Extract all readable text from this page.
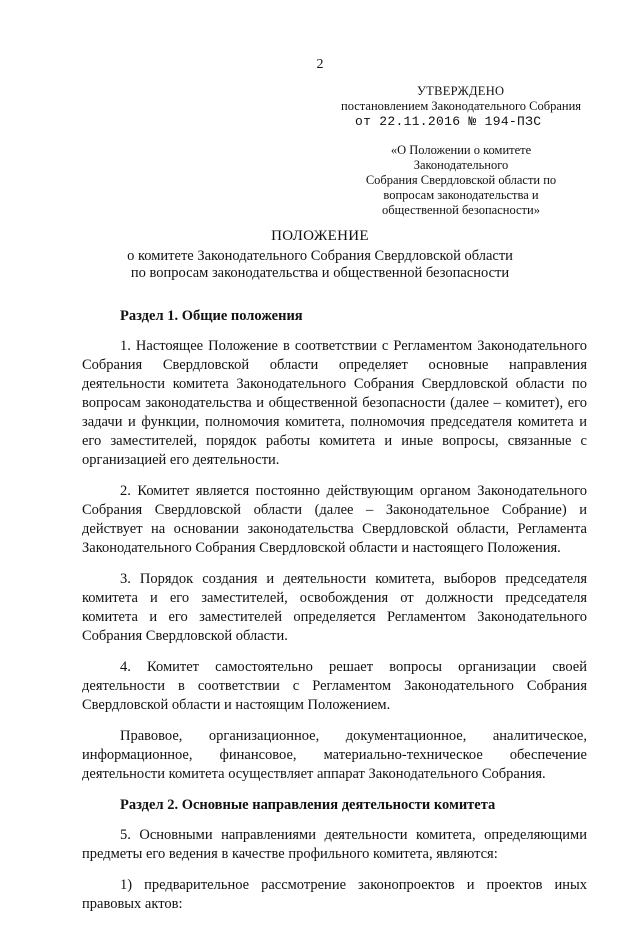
2
УТВЕРЖДЕНО
постановлением Законодательного Собрания
от 22.11.2016 № 194-ПЗС
«О Положении о комитете Законодательного
Собрания Свердловской области по
вопросам законодательства и
общественной безопасности»
ПОЛОЖЕНИЕ
о комитете Законодательного Собрания Свердловской области
по вопросам законодательства и общественной безопасности
Раздел 1. Общие положения

1. Настоящее Положение в соответствии с Регламентом Законодательного Собрания Свердловской области определяет основные направления деятельности комитета Законодательного Собрания Свердловской области по вопросам законодательства и общественной безопасности (далее – комитет), его задачи и функции, полномочия комитета, полномочия председателя комитета и его заместителей, порядок работы комитета и иные вопросы, связанные с организацией его деятельности.

2. Комитет является постоянно действующим органом Законодательного Собрания Свердловской области (далее – Законодательное Собрание) и действует на основании законодательства Свердловской области, Регламента Законодательного Собрания Свердловской области и настоящего Положения.

3. Порядок создания и деятельности комитета, выборов председателя комитета и его заместителей, освобождения от должности председателя комитета и его заместителей определяется Регламентом Законодательного Собрания Свердловской области.

4. Комитет самостоятельно решает вопросы организации своей деятельности в соответствии с Регламентом Законодательного Собрания Свердловской области и настоящим Положением.

Правовое, организационное, документационное, аналитическое, информационное, финансовое, материально-техническое обеспечение деятельности комитета осуществляет аппарат Законодательного Собрания.

Раздел 2. Основные направления деятельности комитета

5. Основными направлениями деятельности комитета, определяющими предметы его ведения в качестве профильного комитета, являются:

1) предварительное рассмотрение законопроектов и проектов иных правовых актов:
